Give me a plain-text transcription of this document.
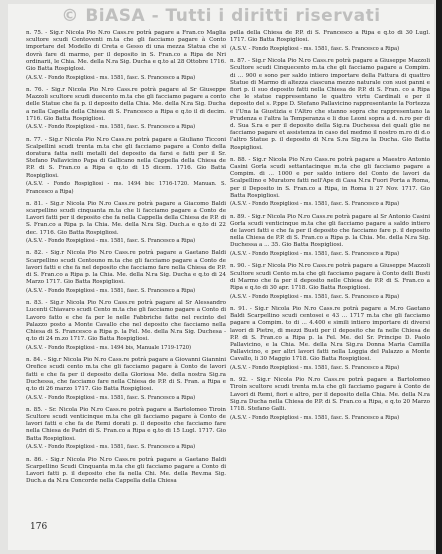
© BiASA - Tutti i diritti riservati

n. 75. - Sig.r Nicola Pio N.ro Cass.re potrà pagare a Fran.co Maglia scultore scudi Centoventi m.ta che gli facciamo pagare à Conto importare del Modello di Creta e Gesso di una mezza Statua che si dovrà fare di marmo, per il deposito in S. Fran.co a Ripa de Nri ordinarii, le Chia. Me. della N.ra Sig. Ducha e q.to al 28 Ottobre 1716. Gio Batta Rospiglosi.

(A.S.V. - Fondo Rospigliosi - ms. 1581, fasc. S. Francesco a Ripa)

n. 76. - Sig.r Nicola Pio N.ro Cass.re potrà pagare al Sr Giuseppe Mazzoli scultore scudi duecento m.ta che gli facciamo pagare a conto delle Statue che fa p. il deposito della Chia. Me. della N.ra Sig. Ducha a nella Capella della Chiesa di S. Francesco a Ripa e q.to il di decim. 1716. Gio Batta Rospigliosi.

(A.S.V. - Fondo Rospigliosi - ms. 1581, fasc. S. Francesco a Ripa)

n. 77. - Sig.r Nicola Pio N.ro Cass.re potrà pagare a Giuliano Ticconi Scalpellini scudi trenta m.ta che gli facciamo pagare a Conto della doratura fatta nelli metalli del deposito da farsi e fatti per il Sr. Stefano Pallavicino Papa di Gallicano nella Cappella della Chiesa de P.P. di S. Fran.co a Ripa e q.to di 15 dicem. 1716. Gio Batta Rospigliosi.

(A.S.V. - Fondo Rospigliosi - ms. 1494 bis: 1716-1720. Manuan. S. Francesco a Ripa)

n. 81. - Sig.r Nicola Pio N.ro Cass.re potrà pagare a Giacomo Baldi scarpellino scudi cinquanta m.ta che li facciamo pagare a Conto de Lavori fatti per il deposito che fa nella Cappella della Chiesa de P.P. di S. Fran.co a Ripa p. la Chia. Me. della N.ra Sig. Duch.a e q.to di 22 dec. 1716. Gio Batta Rospigliosi.

(A.S.V. - Fondo Rospigliosi - ms. 1581, fasc. S. Francesco a Ripa)

n. 82. - Sig.r Nicola Pio N.ro Cass.re potrà pagare a Gaetano Baldi Scarpellino scudi Centouno m.ta che gli facciamo pagare a Conto de lavori fatti e che fa nel deposito che facciamo fare nella Chiesa de P.P. di S. Fran.co a Ripa p. la Chia. Me. della N.ra Sig. Ducha e q.to di 24 Marzo 1717. Gio Batta Rospigliosi.

(A.S.V. - Fondo Rospigliosi - ms. 1581, fasc. S. Francesco a Ripa)

n. 83. - Sig.r Nicola Pio N.ro Cass.re potrà pagare al Sr Alessandro Lucenti Chiavaro scudi Cento m.ta che gli facciamo pagare a Conto di Lavoro fatto e che fa per le nelle Fabbriche fatte nel recinto del Palazzo posto a Monte Cavallo che nel deposito che facciamo nella Chiesa di S. Francesco a Ripa p. la Fel. Me. della N.ra Sig. Duchesa - q.to di 24 m.zo 1717. Gio Batta Rospigliosi.

(A.S.V. - Fondo Rospigliosi - ms. 1494 bis, Manuale 1719-1720)

n. 84. - Sig.r Nicola Pio N.ro Cass.re potrà pagare a Giovanni Giannini Orefice scudi cento m.ta che gli facciamo pagare à Conto de lavori fatti e che fa per il deposito della Gloriosa Me. della nostra Sig.ra Duchessa, che facciamo fare nella Chiesa de P.P. di S. Fran. a Ripa e q.to di 26 marzo 1717. Gio Batta Rospigliosi.

(A.S.V. - Fondo Rospigliosi - ms. 1581, fasc. S. Francesco a Ripa)

n. 85. - Sr. Nicola Pio N.ro Cass.re potrà pagare a Bartolomeo Tiroin Scultore scudi venticinque m.ta che gli facciamo pagare à Conto de lavori fatti e che fa de Remi dorati p. il deposito che facciamo fare nella Chiesa de Padri di S. Fran.co a Ripa e q.to di 15 Lugl. 1717. Gio Batta Rospigliosi.

(A.S.V. - Fondo Rospigliosi - ms. 1581, fasc. S. Francesco a Ripa)

n. 86. - Sig.r Nicola Pio N.ro Cass.re potrà pagare a Gaetano Baldi Scarpellino Scudi Cinquanta m.ta che gli facciamo pagare a Conto di Lavori fatti p. il deposito che fa nella Chi. Me. della Rev.ma Sig. Duch.a da N.ra Concorde nella Cappella della Chiesa

pella della Chiesa de P.P. di S. Francesco a Ripa e q.to di 30 Lugl. 1717. Gio Batta Rospigliosi.

(A.S.V. - Fondo Rospigliosi - ms. 1581, fasc. S. Francesco a Ripa)

n. 87. - Sig.r Nicola Pio N.ro Cass.re potrà pagare a Giuseppe Mazzoli Scultore scudi Cinquecento m.ta che gli facciamo pagare a Compim. di ... 900 e sono per saldo intiero importare della Fattura di quattro Statue di Marmo di altezza ciascuna mezzo naturale con suoi panni e fiori p. il suo deposito fatti nella Chiesa de P.P. di S. Fran. co a Ripa che le statue rappresentano le quattro virtu Cardinali e per il deposito del s. P.ppe D. Stefano Pallavicino rappresentante la Fortezza e l'Una la Giustizia e l'Altro che stanno sopra che rappresentano la Prudenza e l'altra la Temperanza e li due Leoni sopra a d. n.ro per di d. Sua S.ra e per il deposito della Sig.ra Duchessa dei quali glie ne facciamo pagare et assistenza in caso del medmo il nostro m.ro di d.o l'altro Statue p. il deposito di N.ra S.ra Sig.ra la Ducha. Gio Batta Rospigliosi.

n. 88. - Sig.r Nicola Pio N.ro Cass.re potrà pagare a Maestro Antonio Casini Gorla scudi settantacinque m.ta che gli facciamo pagare a Compim. di ... 1000 e per saldo intiero del Conto de lavori da Scalpellino e Muratore fatti nell'Ape di Casa N.ra Fuori Porta a Roma, per il Deposito in S. Fran.co a Ripa, in Roma li 27 Nov. 1717. Gio Batta Rospigliosi.

(A.S.V. - Fondo Rospigliosi - ms. 1581, fasc. S. Francesco a Ripa)

n. 89. - Sig.r Nicola Pio N.ro Cass.re potrà pagare al Sr Antonio Casini Gorla scudi venticinque m.ta che gli facciamo pagare a saldo intiero de lavori fatti e che fa per il deposito che facciamo fare p. il deposito nella Chiesa de P.P. di S. Fran.co a Ripa p. la Chia. Me. della N.ra Sig. Duchessa a ... 35. Gio Batta Rospigliosi.

(A.S.V. - Fondo Rospigliosi - ms. 1581, fasc. S. Francesco a Ripa)

n. 90. - Sig.r Nicola Pio N.ro Cass.re potrà pagare a Giuseppe Mazzoli Scultore scudi Cento m.ta che gli facciamo pagare à Conto delli Busti di Marmo che fa per il deposito nelle Chiesa de P.P. di S. Fran.co a Ripa e q.to di 30 apr. 1718. Gio Batta Rospigliosi.

(A.S.V. - Fondo Rospigliosi - ms. 1581, fasc. S. Francesco a Ripa)

n. 91. - Sig.r Nicola Pio N.ro Cass.re potrà pagare a M.ro Gaetano Baldi Scarpellino scudi centosei e 43 ... 1717 m.ta che gli facciamo pagare a Compim. to di ... 4.400 e simili intiero importare di diversi lavori di Pietre, di mezzi Busti per il deposito che fa nelle Chiesa de P.P. di S. Fran.co a Ripa p. la Fel. Me. del Sr. Principe D. Paolo Pallavicino, e la Chia. Me. della N.ra Sig.ra Donna Maria Camilla Pallavicino, e per altri lavori fatti nella Loggia del Palazzo a Monte Cavallo, li 30 Maggio 1718. Gio Batta Rospigliosi.

(A.S.V. - Fondo Rospigliosi - ms. 1581, fasc. S. Francesco a Ripa)

n. 92. - Sig.r Nicola Pio N.ro Cass.re potrà pagare a Bartolomeo Tiroin scultore scudi trenta m.ta che gli facciamo pagare à Conto de Lavori di Remi, fiori e altro, per il deposito della Chia. Me. della N.ra Sig.ra Ducha nella Chiesa de P.P. di S. Fran.co a Ripa, e q.to 20 Marzo 1718. Stefano Galli.

(A.S.V. - Fondo Rospigliosi - ms. 1581, fasc. S. Francesco a Ripa)

176
